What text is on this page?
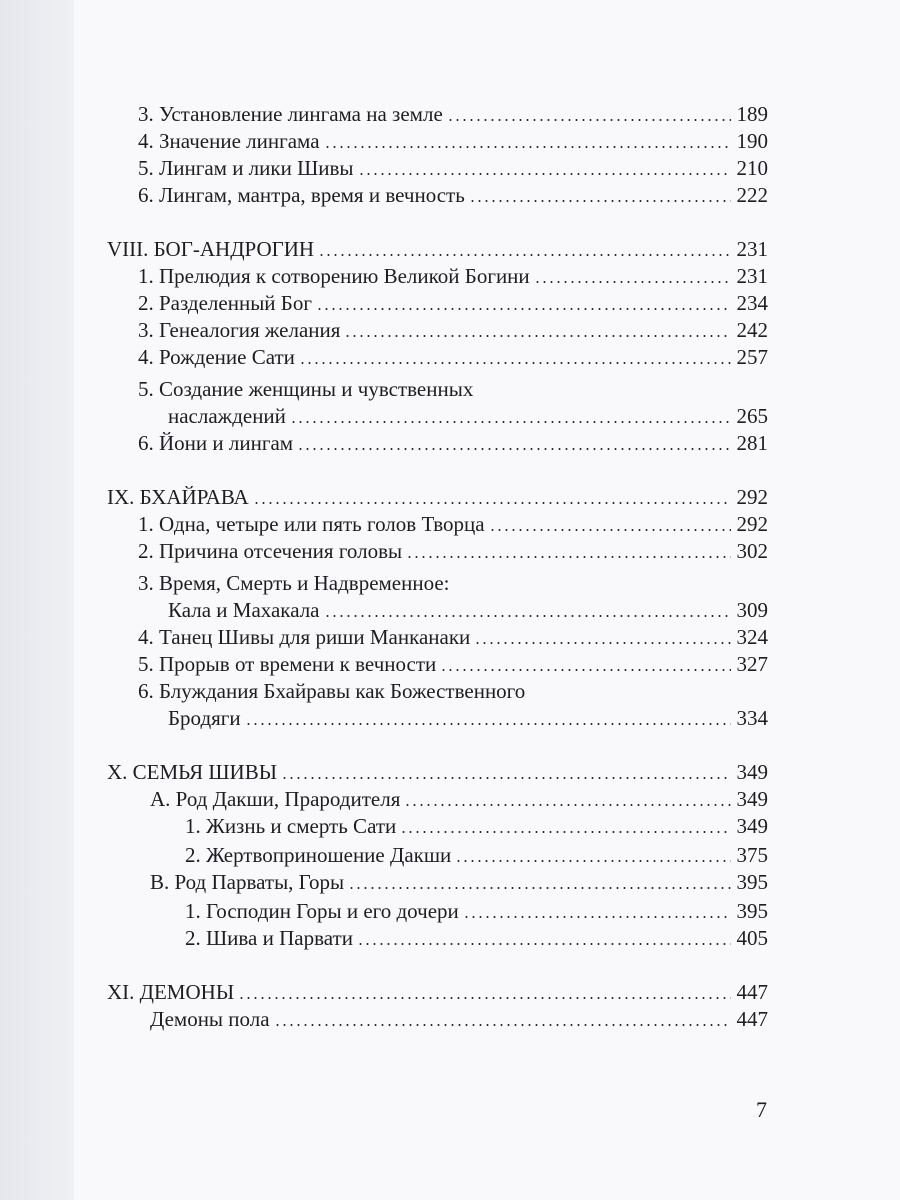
3. Установление лингама на земле	189
4. Значение лингама	190
5. Лингам и лики Шивы	210
6. Лингам, мантра, время и вечность	222
VIII. БОГ-АНДРОГИН	231
1. Прелюдия к сотворению Великой Богини	231
2. Разделенный Бог	234
3. Генеалогия желания	242
4. Рождение Сати	257
5. Создание женщины и чувственных
наслаждений	265
6. Йони и лингам	281
IX. БХАЙРАВА	292
1. Одна, четыре или пять голов Творца	292
2. Причина отсечения головы	302
3. Время, Смерть и Надвременное:
Кала и Махакала	309
4. Танец Шивы для риши Манканаки	324
5. Прорыв от времени к вечности	327
6. Блуждания Бхайравы как Божественного
Бродяги	334
X. СЕМЬЯ ШИВЫ	349
A. Род Дакши, Прародителя	349
1. Жизнь и смерть Сати	349
2. Жертвоприношение Дакши	375
B. Род Парваты, Горы	395
1. Господин Горы и его дочери	395
2. Шива и Парвати	405
XI. ДЕМОНЫ	447
Демоны пола	447
7
